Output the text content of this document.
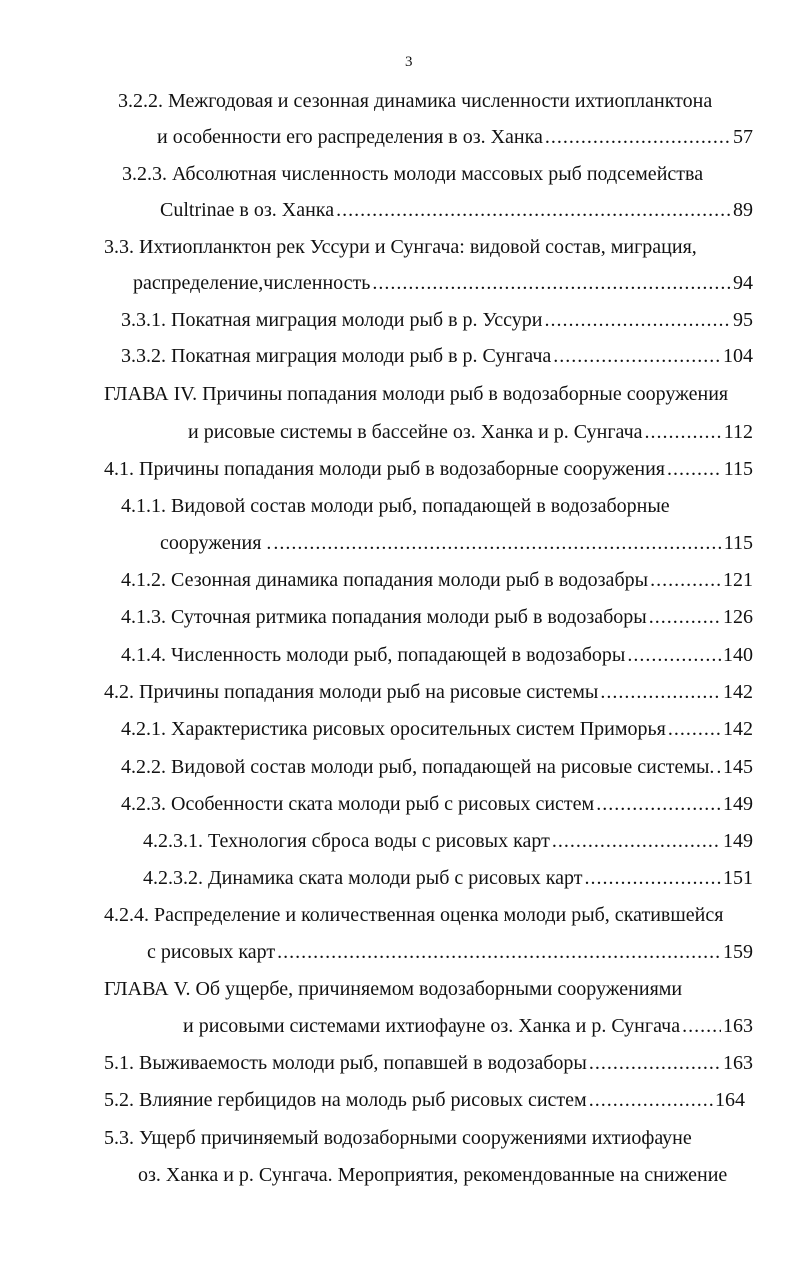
3
3.2.2. Межгодовая и сезонная динамика численности ихтиопланктона
и особенности его распределения в оз. Ханка .....	57
3.2.3. Абсолютная численность молоди массовых рыб подсемейства
Cultrinae в оз. Ханка .....	89
3.3. Ихтиопланктон рек Уссури и Сунгача: видовой состав, миграция,
распределение,численность .....	94
3.3.1. Покатная миграция молоди рыб в р. Уссури .....	95
3.3.2. Покатная миграция молоди рыб в р. Сунгача .....	104
ГЛАВА IV. Причины попадания молоди рыб в водозаборные сооружения
и рисовые системы в бассейне оз. Ханка и р. Сунгача .....	112
4.1. Причины попадания молоди рыб в водозаборные сооружения .....	115
4.1.1. Видовой состав молоди рыб, попадающей в водозаборные
сооружения . .....	115
4.1.2. Сезонная динамика попадания молоди рыб в водозабры .....	121
4.1.3. Суточная ритмика попадания молоди рыб в водозаборы .....	126
4.1.4. Численность молоди рыб, попадающей в водозаборы .....	140
4.2. Причины попадания молоди рыб на рисовые системы .....	142
4.2.1. Характеристика рисовых оросительных систем Приморья .....	142
4.2.2. Видовой состав молоди рыб, попадающей на рисовые системы. ..... 145
4.2.3. Особенности ската молоди рыб с рисовых систем .....	149
4.2.3.1. Технология сброса воды с рисовых карт .....	149
4.2.3.2. Динамика ската молоди рыб с рисовых карт .....	151
4.2.4. Распределение и количественная оценка молоди рыб, скатившейся
с рисовых карт .....	159
ГЛАВА V. Об ущербе, причиняемом водозаборными сооружениями
и рисовыми системами ихтиофауне оз. Ханка и р. Сунгача ..... 163
5.1. Выживаемость молоди рыб, попавшей в водозаборы .....	163
5.2. Влияние гербицидов на молодь рыб рисовых систем .....	164
5.3. Ущерб причиняемый водозаборными сооружениями ихтиофауне
оз. Ханка и р. Сунгача. Мероприятия, рекомендованные на снижение
